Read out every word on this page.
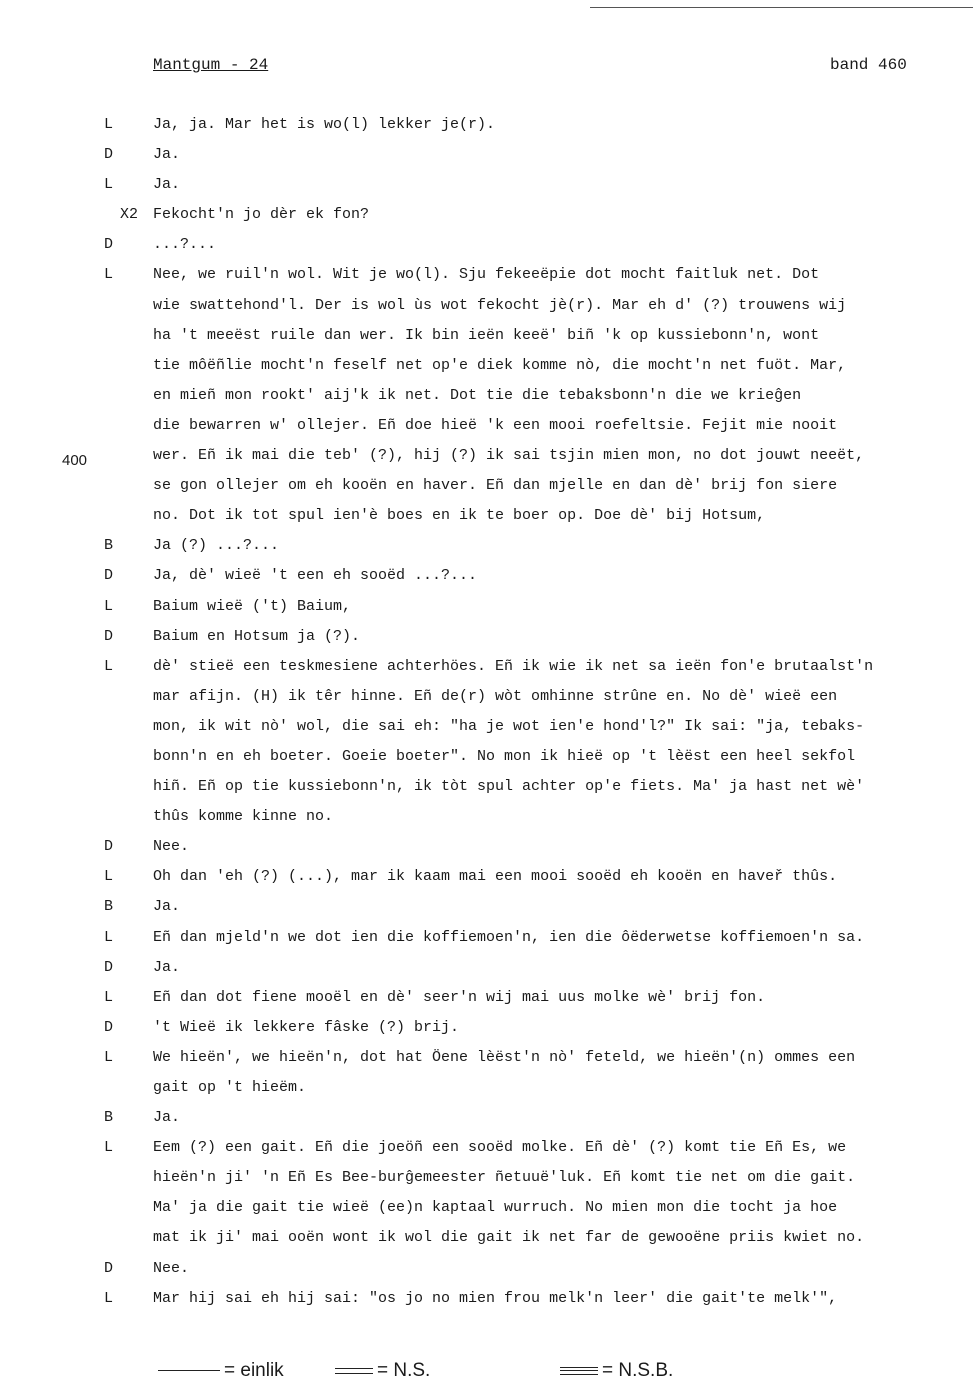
Mantgum - 24	band 460
400
L	Ja, ja. Mar het is wo(l) lekker je(r).
D	Ja.
L	Ja.
X2 Fekocht'n jo dèr ek fon?
D	...?...
L	Nee, we ruil'n wol. Wit je wo(l). Sju fekeeëpie dot mocht faitluk net. Dot
wie swattehond'l. Der is wol ùs wot fekocht jè(r). Mar eh d' (?) trouwens wij
ha 't meeëst ruile dan wer. Ik bin ieën keeë' biñ 'k op kussiebonn'n, wont
tie môëñlie mocht'n feself net op'e diek komme nò, die mocht'n net fuöt. Mar,
en mieñ mon rookt' aij'k ik net. Dot tie die tebaksbonn'n die we krieĝen
die bewarren w' ollejer. Eñ doe hieë 'k een mooi roefeltsie. Fejit mie nooit
wer. Eñ ik mai die teb' (?), hij (?) ik sai tsjin mien mon, no dot jouwt neeët,
se gon ollejer om eh kooën en haver. Eñ dan mjelle en dan dè' brij fon siere
no. Dot ik tot spul ien'è boes en ik te boer op. Doe dè' bij Hotsum,
B	Ja (?) ...?...
D	Ja, dè' wieë 't een eh sooëd ...?...
L	Baium wieë ('t) Baium,
D	Baium en Hotsum ja (?).
L	dè' stieë een teskmesiene achterhöes. Eñ ik wie ik net sa ieën fon'e brutaalst'n
mar afijn. (H) ik têr hinne. Eñ de(r) wòt omhinne strûne en. No dè' wieë een
mon, ik wit nò' wol, die sai eh: "ha je wot ien'e hond'l?" Ik sai: "ja, tebaks-
bonn'n en eh boeter. Goeie boeter". No mon ik hieë op 't lèëst een heel sekfol
hiñ. Eñ op tie kussiebonn'n, ik tòt spul achter op'e fiets. Ma' ja hast net wè'
thûs komme kinne no.
D	Nee.
L	Oh dan 'eh (?) (...), mar ik kaam mai een mooi sooëd eh kooën en haveř thûs.
B	Ja.
L	Eñ dan mjeld'n we dot ien die koffiemoen'n, ien die ôëderwetse koffiemoen'n sa.
D	Ja.
L	Eñ dan dot fiene mooël en dè' seer'n wij mai uus molke wè' brij fon.
D	't Wieë ik lekkere fâske (?) brij.
L	We hieën', we hieën'n, dot hat Öene lèëst'n nò' feteld, we hieën'(n) ommes een
gait op 't hieëm.
B	Ja.
L	Eem (?) een gait. Eñ die joeöñ een sooëd molke. Eñ dè' (?) komt tie Eñ Es, we
hieën'n ji' 'n Eñ Es Bee-burĝemeester ñetuuë'luk. Eñ komt tie net om die gait.
Ma' ja die gait tie wieë (ee)n kaptaal wurruch. No mien mon die tocht ja hoe
mat ik ji' mai ooën wont ik wol die gait ik net far de gewooëne priis kwiet no.
D	Nee.
L	Mar hij sai eh hij sai: "os jo no mien frou melk'n leer' die gait'te melk'",
= einlik	= N.S.	= N.S.B.
